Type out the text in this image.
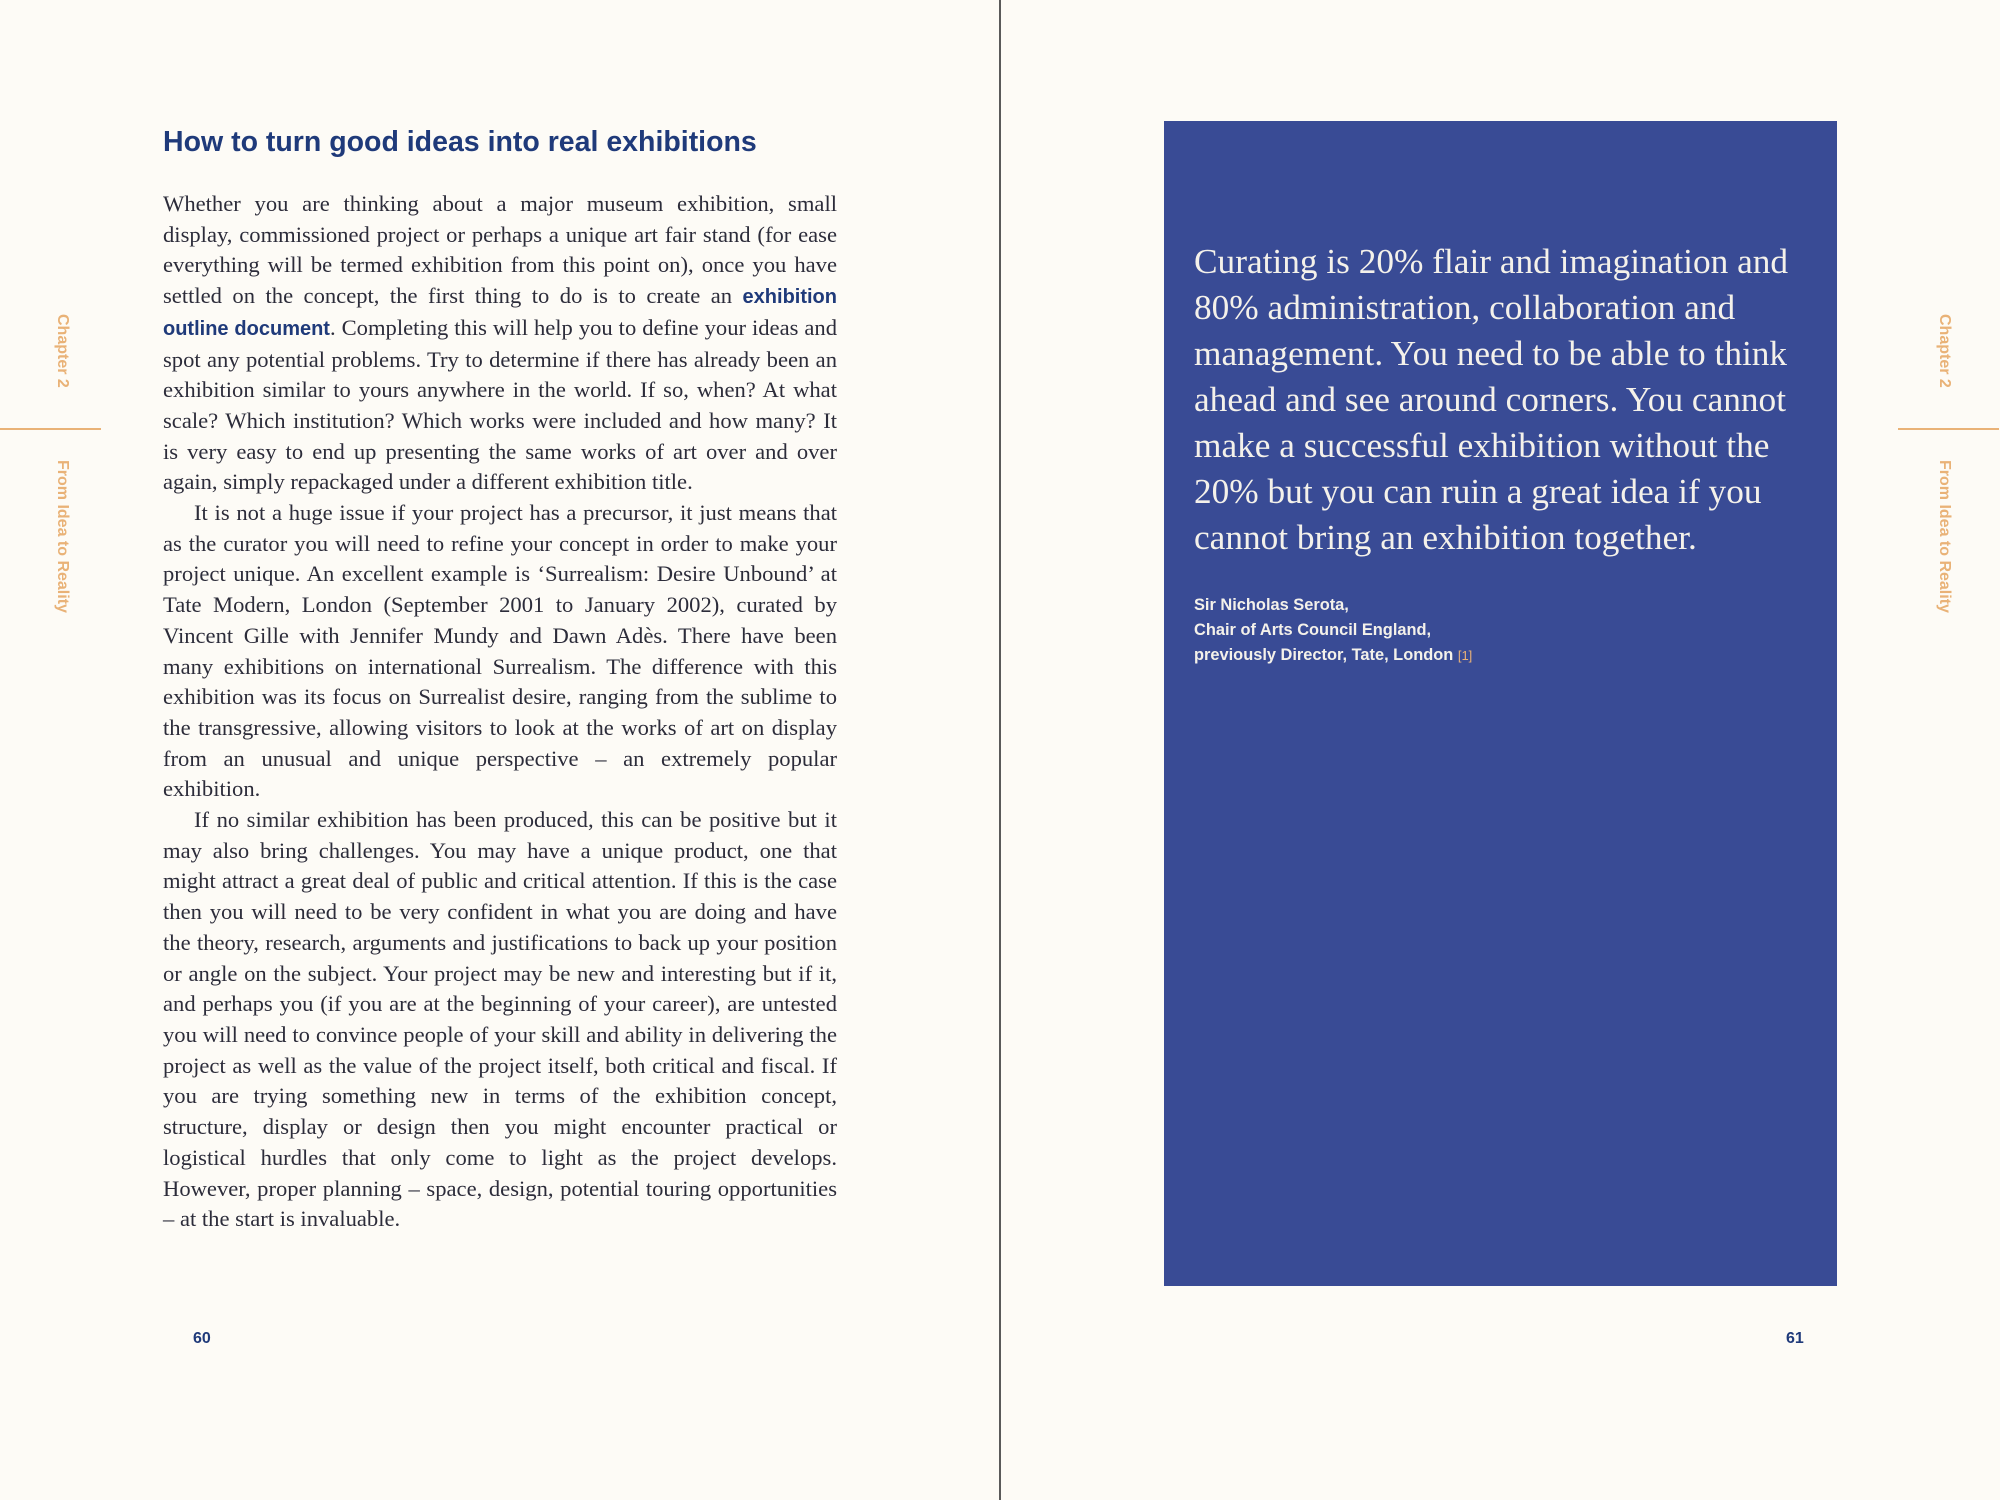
How to turn good ideas into real exhibitions

Whether you are thinking about a major museum exhibition, small display, commissioned project or perhaps a unique art fair stand (for ease everything will be termed exhibition from this point on), once you have settled on the concept, the first thing to do is to create an exhibition outline document. Completing this will help you to define your ideas and spot any potential problems. Try to determine if there has already been an exhibition similar to yours anywhere in the world. If so, when? At what scale? Which institution? Which works were included and how many? It is very easy to end up presenting the same works of art over and over again, simply repackaged under a different exhibition title.

It is not a huge issue if your project has a precursor, it just means that as the curator you will need to refine your concept in order to make your project unique. An excellent example is ‘Surrealism: Desire Unbound’ at Tate Modern, London (September 2001 to January 2002), curated by Vincent Gille with Jennifer Mundy and Dawn Adès. There have been many exhibitions on international Surrealism. The difference with this exhibition was its focus on Surrealist desire, ranging from the sublime to the transgressive, allowing visitors to look at the works of art on display from an unusual and unique perspective – an extremely popular exhibition.

If no similar exhibition has been produced, this can be positive but it may also bring challenges. You may have a unique product, one that might attract a great deal of public and critical attention. If this is the case then you will need to be very confident in what you are doing and have the theory, research, arguments and justifications to back up your position or angle on the subject. Your project may be new and interesting but if it, and perhaps you (if you are at the beginning of your career), are untested you will need to convince people of your skill and ability in delivering the project as well as the value of the project itself, both critical and fiscal. If you are trying something new in terms of the exhibition concept, structure, display or design then you might encounter practical or logistical hurdles that only come to light as the project develops. However, proper planning – space, design, potential touring opportunities – at the start is invaluable.

60
Chapter 2
From Idea to Reality
Curating is 20% flair and imagination and 80% administration, collaboration and management. You need to be able to think ahead and see around corners. You cannot make a successful exhibition without the 20% but you can ruin a great idea if you cannot bring an exhibition together.
Sir Nicholas Serota,
Chair of Arts Council England,
previously Director, Tate, London [1]
61
Chapter 2
From Idea to Reality
